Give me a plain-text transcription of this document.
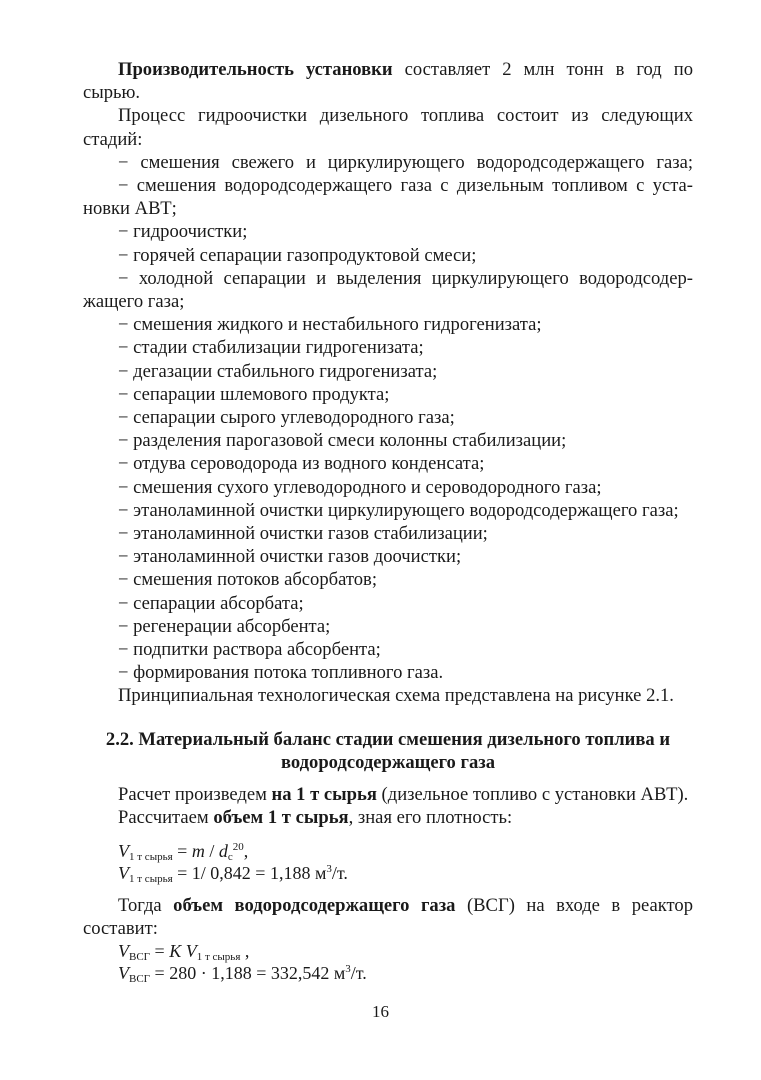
Производительность установки составляет 2 млн тонн в год по

сырью.

Процесс гидроочистки дизельного топлива состоит из следующих

стадий:

− смешения свежего и циркулирующего водородсодержащего газа;

− смешения водородсодержащего газа с дизельным топливом с уста-

новки АВТ;

− гидроочистки;

− горячей сепарации газопродуктовой смеси;

− холодной сепарации и выделения циркулирующего водородсодер-

жащего газа;

− смешения жидкого и нестабильного гидрогенизата;

− стадии стабилизации гидрогенизата;

− дегазации стабильного гидрогенизата;

− сепарации шлемового продукта;

− сепарации сырого углеводородного газа;

− разделения парогазовой смеси колонны стабилизации;

− отдува сероводорода из водного конденсата;

− смешения сухого углеводородного и сероводородного газа;

− этаноламинной очистки циркулирующего водородсодержащего газа;

− этаноламинной очистки газов стабилизации;

− этаноламинной очистки газов доочистки;

− смешения потоков абсорбатов;

− сепарации абсорбата;

− регенерации абсорбента;

− подпитки раствора абсорбента;

− формирования потока топливного газа.

Принципиальная технологическая схема представлена на рисунке 2.1.

2.2. Материальный баланс стадии смешения дизельного топлива и
водородсодержащего газа

Расчет произведем на 1 т сырья (дизельное топливо с установки АВТ).

Рассчитаем объем 1 т сырья, зная его плотность:

$V_{1 т сырья} = m / d_с^{20}$,

$V_{1 т сырья} = 1/$ 0,842 = 1,188 $м^3/т$.

Тогда объем водородсодержащего газа (ВСГ) на входе в реактор

составит:

$V_{ВСГ} = K$ $V_{1 т сырья}$ ,

$V_{ВСГ} = 280 \cdot 1,188 = 332,542$ $м^3/т$.

16
